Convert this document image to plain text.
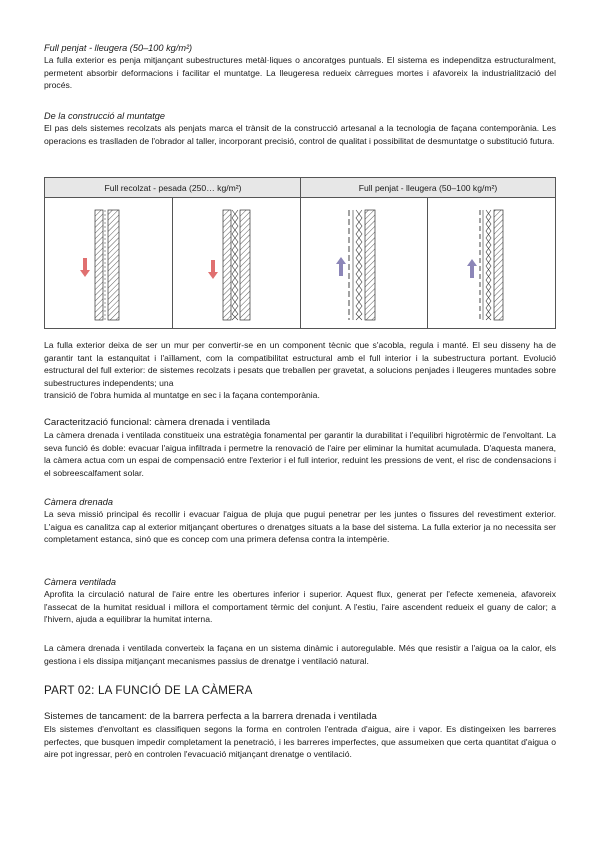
Full penjat - lleugera (50–100 kg/m²)

La fulla exterior es penja mitjançant subestructures metàl·liques o ancoratges puntuals. El sistema es independitza estructuralment, permetent absorbir deformacions i facilitar el muntatge. La lleugeresa redueix càrregues mortes i afavoreix la industrialització del procés.

De la construcció al muntatge

El pas dels sistemes recolzats als penjats marca el trànsit de la construcció artesanal a la tecnologia de façana contemporània. Les operacions es traslladen de l'obrador al taller, incorporant precisió, control de qualitat i possibilitat de desmuntatge o substitució futura.

Full recolzat - pesada (250… kg/m²)	Full penjat - lleugera (50–100 kg/m²)

La fulla exterior deixa de ser un mur per convertir-se en un component tècnic que s'acobla, regula i manté. El seu disseny ha de garantir tant la estanquitat i l'aïllament, com la compatibilitat estructural amb el full interior i la subestructura portant. Evolució estructural del full exterior: de sistemes recolzats i pesats que treballen per gravetat, a solucions penjades i lleugeres muntades sobre subestructures independents; una

transició de l'obra humida al muntatge en sec i la façana contemporània.

Caracterització funcional: càmera drenada i ventilada

La càmera drenada i ventilada constitueix una estratègia fonamental per garantir la durabilitat i l'equilibri higrotèrmic de l'envoltant. La seva funció és doble: evacuar l'aigua infiltrada i permetre la renovació de l'aire per eliminar la humitat acumulada. D'aquesta manera, la càmera actua com un espai de compensació entre l'exterior i el full interior, reduint les pressions de vent, el risc de condensacions i el sobreescalfament solar.

Càmera drenada

La seva missió principal és recollir i evacuar l'aigua de pluja que pugui penetrar per les juntes o fissures del revestiment exterior. L'aigua es canalitza cap al exterior mitjançant obertures o drenatges situats a la base del sistema. La fulla exterior ja no necessita ser completament estanca, sinó que es concep com una primera defensa contra la intempèrie.

Càmera ventilada

Aprofita la circulació natural de l'aire entre les obertures inferior i superior. Aquest flux, generat per l'efecte xemeneia, afavoreix l'assecat de la humitat residual i millora el comportament tèrmic del conjunt. A l'estiu, l'aire ascendent redueix el guany de calor; a l'hivern, ajuda a equilibrar la humitat interna.

La càmera drenada i ventilada converteix la façana en un sistema dinàmic i autoregulable. Més que resistir a l'aigua oa la calor, els gestiona i els dissipa mitjançant mecanismes passius de drenatge i ventilació natural.

PART 02: LA FUNCIÓ DE LA CÀMERA
Sistemes de tancament: de la barrera perfecta a la barrera drenada i ventilada

Els sistemes d'envoltant es classifiquen segons la forma en controlen l'entrada d'aigua, aire i vapor. Es distingeixen les barreres perfectes, que busquen impedir completament la penetració, i les barreres imperfectes, que assumeixen que certa quantitat d'aigua o aire pot ingressar, però en controlen l'evacuació mitjançant drenatge o ventilació.
